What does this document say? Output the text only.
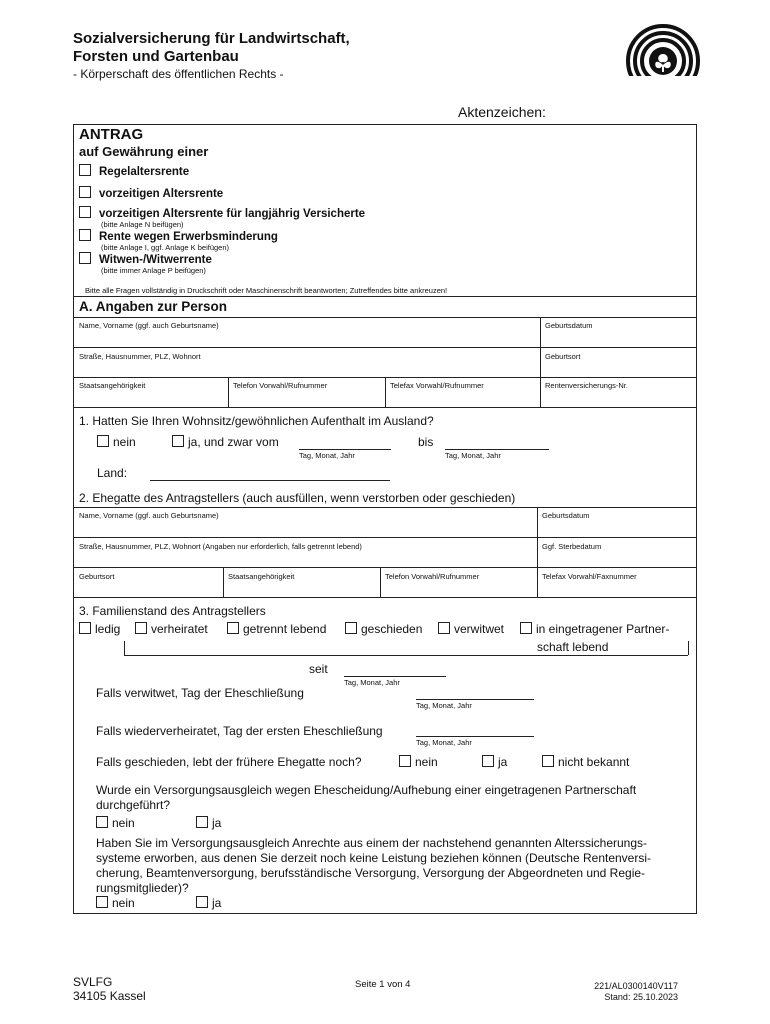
Sozialversicherung für Landwirtschaft,
Forsten und Gartenbau
- Körperschaft des öffentlichen Rechts -
Aktenzeichen:
ANTRAG
auf Gewährung einer
Regelaltersrente
vorzeitigen Altersrente
vorzeitigen Altersrente für langjährig Versicherte
(bitte Anlage N beifügen)
Rente wegen Erwerbsminderung
(bitte Anlage I, ggf. Anlage K beifügen)
Witwen-/Witwerrente
(bitte immer Anlage P beifügen)
Bitte alle Fragen vollständig in Druckschrift oder Maschinenschrift beantworten; Zutreffendes bitte ankreuzen!
A. Angaben zur Person
Name, Vorname (ggf. auch Geburtsname)	Geburtsdatum
Straße, Hausnummer, PLZ, Wohnort	Geburtsort
Staatsangehörigkeit	Telefon Vorwahl/Rufnummer	Telefax Vorwahl/Rufnummer	Rentenversicherungs-Nr.
1. Hatten Sie Ihren Wohnsitz/gewöhnlichen Aufenthalt im Ausland?
nein	ja, und zwar vom
Tag, Monat, Jahr
bis
Tag, Monat, Jahr
Land:
2. Ehegatte des Antragstellers (auch ausfüllen, wenn verstorben oder geschieden)
Name, Vorname (ggf. auch Geburtsname)	Geburtsdatum
Straße, Hausnummer, PLZ, Wohnort (Angaben nur erforderlich, falls getrennt lebend)	Ggf. Sterbedatum
Geburtsort	Staatsangehörigkeit	Telefon Vorwahl/Rufnummer	Telefax Vorwahl/Faxnummer
3. Familienstand des Antragstellers
ledig	verheiratet	getrennt lebend	geschieden	verwitwet	in eingetragener Partner-
schaft lebend
seit
Tag, Monat, Jahr
Falls verwitwet, Tag der Eheschließung
Tag, Monat, Jahr
Falls wiederverheiratet, Tag der ersten Eheschließung
Tag, Monat, Jahr
Falls geschieden, lebt der frühere Ehegatte noch?	nein	ja	nicht bekannt
Wurde ein Versorgungsausgleich wegen Ehescheidung/Aufhebung einer eingetragenen Partnerschaft durchgeführt?
nein	ja
Haben Sie im Versorgungsausgleich Anrechte aus einem der nachstehend genannten Alterssicherungs-systeme erworben, aus denen Sie derzeit noch keine Leistung beziehen können (Deutsche Rentenversi-cherung, Beamtenversorgung, berufsständische Versorgung, Versorgung der Abgeordneten und Regie-rungsmitglieder)?
nein	ja
SVLFG
34105 Kassel
Seite 1 von 4	221/AL0300140V117
Stand: 25.10.2023
